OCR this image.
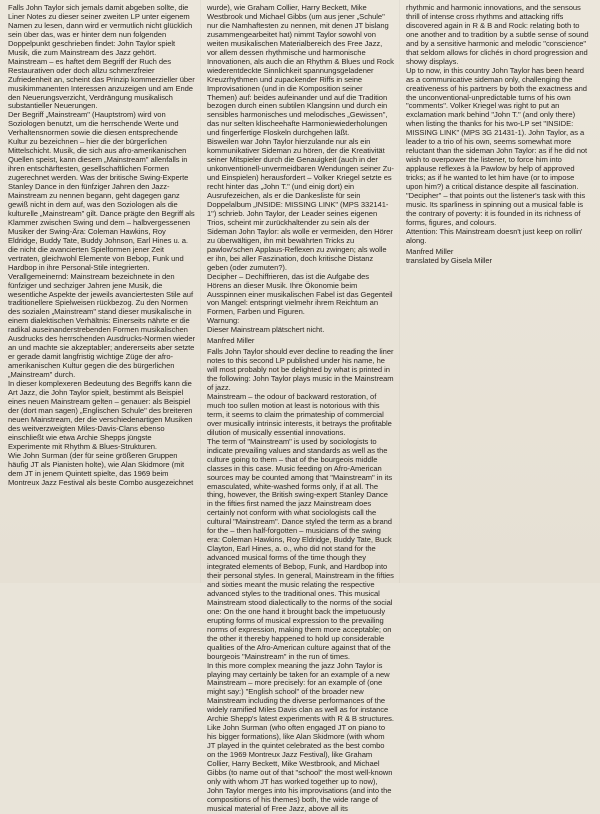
Falls John Taylor sich jemals damit abgeben sollte, die Liner Notes zu dieser seiner zweiten LP unter eigenem Namen zu lesen, dann wird er vermutlich nicht glücklich sein über das, was er hinter dem nun folgenden Doppelpunkt geschrieben findet: John Taylor spielt Musik, die zum Mainstream des Jazz gehört.

Mainstream – es haftet dem Begriff der Ruch des Restaurativen oder doch allzu schmerzfreier Zufriedenheit an, scheint das Prinzip kommerzieller über musikimmanenten Interessen anzuzeigen und am Ende den Neuerungsverzicht, Verdrängung musikalisch substantieller Neuerungen.

Der Begriff „Mainstream" (Hauptstrom) wird von Soziologen benutzt, um die herrschende Werte und Verhaltensnormen sowie die diesen entsprechende Kultur zu bezeichnen – hier die der bürgerlichen Mittelschicht. Musik, die sich aus afro-amerikanischen Quellen speist, kann diesem „Mainstream" allenfalls in ihren entschärftesten, gesellschaftlichen Formen zugerechnet werden. Was der britische Swing-Experte Stanley Dance in den fünfziger Jahren den Jazz-Mainstream zu nennen begann, geht dagegen ganz gewiß nicht in dem auf, was den Soziologen als die kulturelle „Mainstream" gilt. Dance prägte den Begriff als Klammer zwischen Swing und dem – halbvergessenen Musiker der Swing-Ära: Coleman Hawkins, Roy Eldridge, Buddy Tate, Buddy Johnson, Earl Hines u. a. die nicht die avancierten Spielformen jener Zeit vertraten, gleichwohl Elemente von Bebop, Funk und Hardbop in ihre Personal-Stile integrierten.

Verallgemeinernd: Mainstream bezeichnete in den fünfziger und sechziger Jahren jene Musik, die wesentliche Aspekte der jeweils avanciertesten Stile auf traditionellere Spielweisen rückbezog. Zu den Normen des sozialen „Mainstream" stand dieser musikalische in einem dialektischen Verhältnis: Einerseits nährte er die radikal auseinanderstrebenden Formen musikalischen Ausdrucks des herrschenden Ausdrucks-Normen wieder an und machte sie akzeptabler; andererseits aber setzte er gerade damit langfristig wichtige Züge der afro-amerikanischen Kultur gegen die des bürgerlichen „Mainstream" durch.

In dieser komplexeren Bedeutung des Begriffs kann die Art Jazz, die John Taylor spielt, bestimmt als Beispiel eines neuen Mainstream gelten – genauer: als Beispiel der (dort man sagen) „Englischen Schule" des breiteren neuen Mainstream, der die verschiedenartigen Musiken des weitverzweigten Miles-Davis-Clans ebenso einschließt wie etwa Archie Shepps jüngste Experimente mit Rhythm & Blues-Strukturen.

Wie John Surman (der für seine größeren Gruppen häufig JT als Pianisten holte), wie Alan Skidmore (mit dem JT in jenem Quintett spielte, das 1969 beim Montreux Jazz Festival als beste Combo ausgezeichnet

wurde), wie Graham Collier, Harry Beckett, Mike Westbrook und Michael Gibbs (um aus jener „Schule" nur die Namhaftesten zu nennen, mit denen JT bislang zusammengearbeitet hat) nimmt Taylor sowohl von weiten musikalischen Materialbereich des Free Jazz, vor allem dessen rhythmische und harmonische Innovationen, als auch die an Rhythm & Blues und Rock wiederentdeckte Sinnlichkeit spannungsgeladener Kreuzrhythmen und zupackender Riffs in seine Improvisationen (und in die Komposition seiner Themen) auf: beides aufeinander und auf die Tradition bezogen durch einen subtilen Klangsinn und durch ein sensibles harmonisches und melodisches „Gewissen", das nur selten klischeehafte Harmoniewiederholungen und fingerfertige Floskeln durchgehen läßt.

Bisweilen war John Taylor hierzulande nur als ein kommunikativer Sideman zu hören, der die Kreativität seiner Mitspieler durch die Genauigkeit (auch in der unkonventionell-unvermeidbaren Wendungen seiner Zu- und Einspielen) herausfordert – Volker Kriegel setzte es recht hinter das „John T." (und einig dort) ein Ausrufezeichen, als er die Dankesliste für sein Doppelalbum „INSIDE: MISSING LINK" (MPS 332141-1") schrieb. John Taylor, der Leader seines eigenen Trios, scheint mir zurückhaltender zu sein als der Sideman John Taylor: als wolle er vermeiden, den Hörer zu überwältigen, ihn mit bewährten Tricks zu pawlow'schen Applaus-Reflexen zu zwingen; als wolle er ihn, bei aller Faszination, doch kritische Distanz geben (oder zumuten?).

Decipher – Dechiffrieren, das ist die Aufgabe des Hörens an dieser Musik. Ihre Ökonomie beim Ausspinnen einer musikalischen Fabel ist das Gegenteil von Mangel: entspringt vielmehr ihrem Reichtum an Formen, Farben und Figuren.

Warnung:
Dieser Mainstream plätschert nicht.

Manfred Miller

Falls John Taylor should ever decline to reading the liner notes to this second LP published under his name, he will most probably not be delighted by what is printed in the following: John Taylor plays music in the Mainstream of jazz.

Mainstream – the odour of backward restoration, of much too sullen motion at least is notorious with this term, it seems to claim the primateship of commercial over musically intrinsic interests, it betrays the profitable dilution of musically essential innovations.

The term of "Mainstream" is used by sociologists to indicate prevailing values and standards as well as the culture going to them – that of the bourgeois middle classes in this case. Music feeding on Afro-American sources may be counted among that "Mainstream" in its emasculated, white-washed forms only, if at all. The thing, however, the British swing-expert Stanley Dance in the fifties first named the jazz Mainstream does certainly not conform with what sociologists call the cultural "Mainstream". Dance styled the term as a brand for the – then half-forgotten – musicians of the swing era: Coleman Hawkins, Roy Eldridge, Buddy Tate, Buck Clayton, Earl Hines, a. o., who did not stand for the advanced musical forms of the time though they integrated elements of Bebop, Funk, and Hardbop into their personal styles. In general, Mainstream in the fifties and sixties meant the music relating the respective advanced styles to the traditional ones. This musical Mainstream stood dialectically to the norms of the social one: On the one hand it brought back the impetuously erupting forms of musical expression to the prevailing norms of expression, making them more acceptable; on the other it thereby happened to hold up considerable qualities of the Afro-American culture against that of the bourgeois "Mainstream" in the run of times.

In this more complex meaning the jazz John Taylor is playing may certainly be taken for an example of a new Mainstream – more precisely: for an example of (one might say:) "English school" of the broader new Mainstream including the diverse performances of the widely ramified Miles Davis clan as well as for instance Archie Shepp's latest experiments with R & B structures.

Like John Surman (who often engaged JT on piano to his bigger formations), like Alan Skidmore (with whom JT played in the quintet celebrated as the best combo on the 1969 Montreux Jazz Festival), like Graham Collier, Harry Beckett, Mike Westbrook, and Michael Gibbs (to name out of that "school" the most well-known only with whom JT has worked together up to now), John Taylor merges into his improvisations (and into the compositions of his themes) both, the wide range of musical material of Free Jazz, above all its

rhythmic and harmonic innovations, and the sensous thrill of intense cross rhythms and attacking riffs discovered again in R & B and Rock: relating both to one another and to tradition by a subtle sense of sound and by a sensitive harmonic and melodic "conscience" that seldom allows for clichés in chord progression and showy displays.

Up to now, in this country John Taylor has been heard as a communicative sideman only, challenging the creativeness of his partners by both the exactness and the unconventional-unpredictable turns of his own "comments". Volker Kriegel was right to put an exclamation mark behind "John T." (and only there) when listing the thanks for his two-LP set "INSIDE: MISSING LINK" (MPS 3G 21431-1). John Taylor, as a leader to a trio of his own, seems somewhat more reluctant than the sideman John Taylor: as if he did not wish to overpower the listener, to force him into applause reflexes à la Pawlow by help of approved tricks; as if he wanted to let him have (or to impose upon him?) a critical distance despite all fascination.

"Decipher" – that points out the listener's task with this music. Its sparliness in spinning out a musical fable is the contrary of poverty: it is founded in its richness of forms, figures, and colours.

Attention: This Mainstream doesn't just keep on rollin' along.

Manfred Miller
translated by Gisela Miller
